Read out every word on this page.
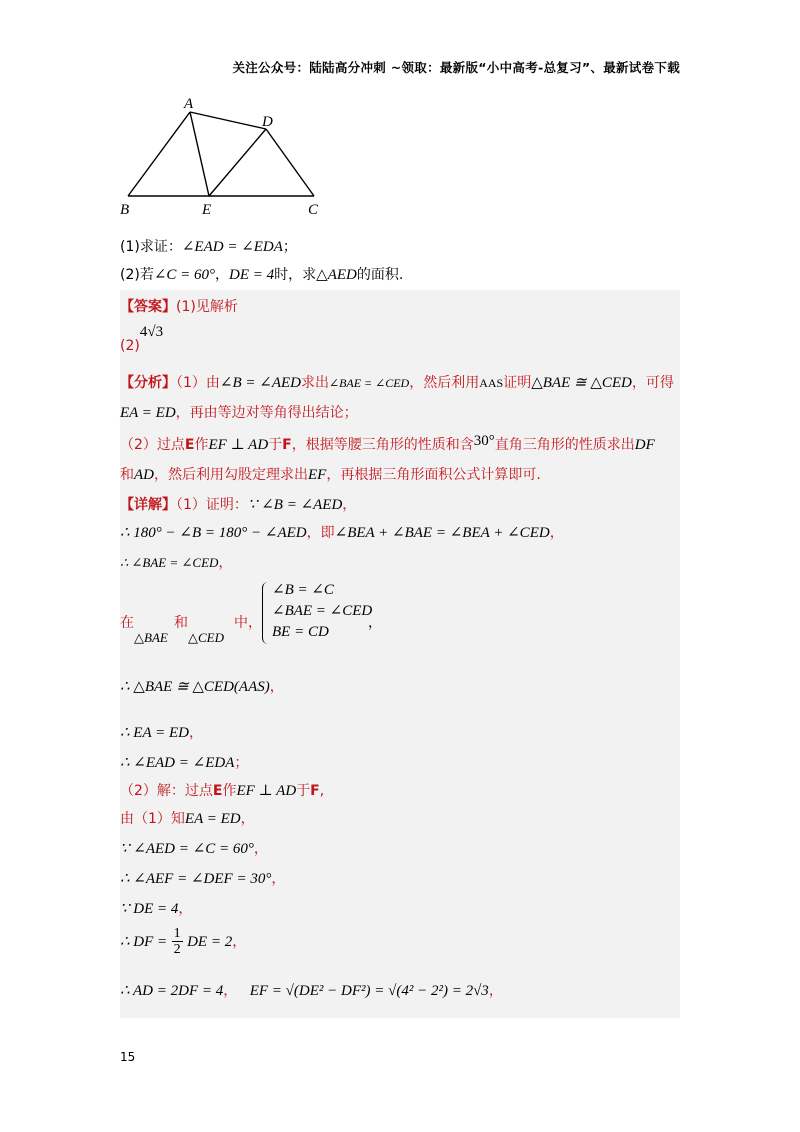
关注公众号：陆陆高分冲刺 ~领取：最新版“小中高考-总复习”、最新试卷下载
A
D
B	E	C
(1)求证：∠EAD = ∠EDA；
(2)若∠C = 60°，DE = 4时，求△AED的面积.
【答案】(1)见解析
(2)4√3
【分析】（1）由∠B = ∠AED求出∠BAE = ∠CED，然后利用AAS证明△BAE ≅ △CED，可得
EA = ED，再由等边对等角得出结论；
（2）过点E作EF ⊥ AD于F，根据等腰三角形的性质和含30°直角三角形的性质求出DF
和AD，然后利用勾股定理求出EF，再根据三角形面积公式计算即可.
【详解】（1）证明：∵ ∠B = ∠AED，
∴ 180° − ∠B = 180° − ∠AED，即∠BEA + ∠BAE = ∠BEA + ∠CED，
∴ ∠BAE = ∠CED，
在	和	中，
△BAE △CED
∠B = ∠C
∠BAE = ∠CED
BE = CD
，
∴ △BAE ≅ △CED(AAS)，
∴ EA = ED，
∴ ∠EAD = ∠EDA；
（2）解：过点E作EF ⊥ AD于F,
由（1）知EA = ED，
∵ ∠AED = ∠C = 60°，
∴ ∠AEF = ∠DEF = 30°，
∵ DE = 4，
∴ DF = $\frac{1}{2}$ DE = 2，
∴ AD = 2DF = 4， EF = √(DE² − DF²) = √(4² − 2²) = 2√3，
15
